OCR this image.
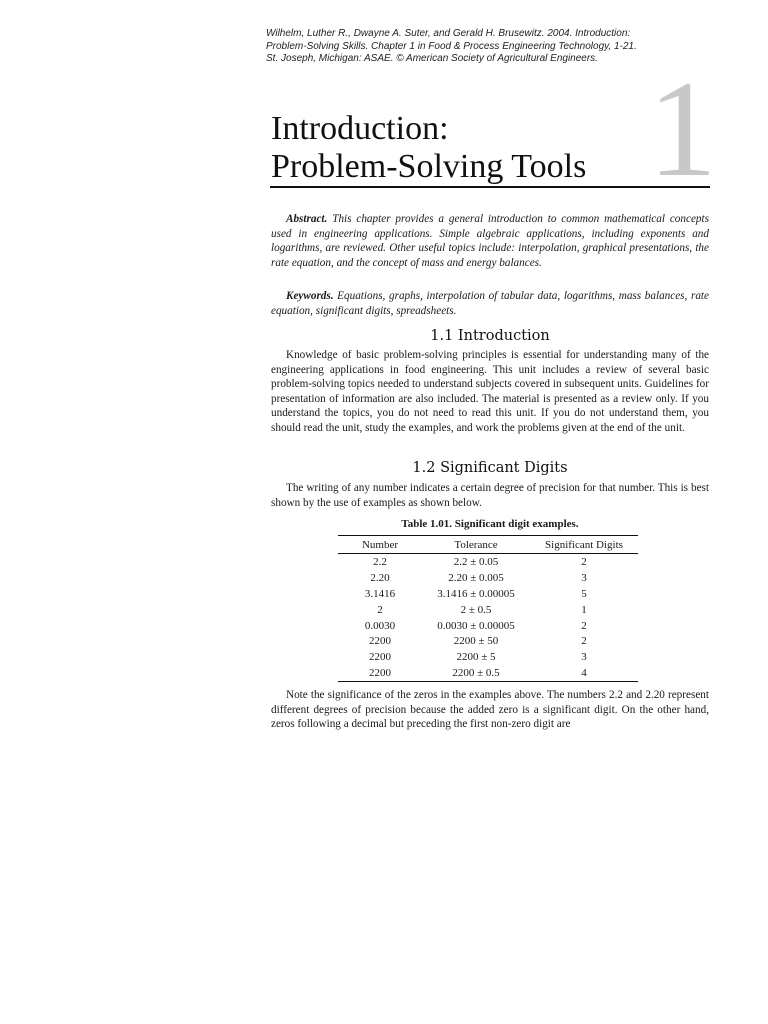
Wilhelm, Luther R., Dwayne A. Suter, and Gerald H. Brusewitz. 2004. Introduction:
Problem-Solving Skills. Chapter 1 in Food & Process Engineering Technology, 1-21.
St. Joseph, Michigan: ASAE. © American Society of Agricultural Engineers. 1
Introduction:
Problem-Solving Tools
Abstract. This chapter provides a general introduction to common mathematical concepts used in engineering applications. Simple algebraic applications, including exponents and logarithms, are reviewed. Other useful topics include: interpolation, graphical presentations, the rate equation, and the concept of mass and energy balances.
Keywords. Equations, graphs, interpolation of tabular data, logarithms, mass balances, rate equation, significant digits, spreadsheets.
1.1 Introduction
Knowledge of basic problem-solving principles is essential for understanding many of the engineering applications in food engineering. This unit includes a review of several basic problem-solving topics needed to understand subjects covered in subsequent units. Guidelines for presentation of information are also included. The material is presented as a review only. If you understand the topics, you do not need to read this unit. If you do not understand them, you should read the unit, study the examples, and work the problems given at the end of the unit.
1.2 Significant Digits
The writing of any number indicates a certain degree of precision for that number. This is best shown by the use of examples as shown below.
Table 1.01. Significant digit examples.
Number	Tolerance	Significant Digits
2.2	2.2 ± 0.05	2
2.20	2.20 ± 0.005	3
3.1416	3.1416 ± 0.00005	5
2	2 ± 0.5	1
0.0030	0.0030 ± 0.00005	2
2200	2200 ± 50	2
2200	2200 ± 5	3
2200	2200 ± 0.5	4
Note the significance of the zeros in the examples above. The numbers 2.2 and 2.20 represent different degrees of precision because the added zero is a significant digit. On the other hand, zeros following a decimal but preceding the first non-zero digit are
